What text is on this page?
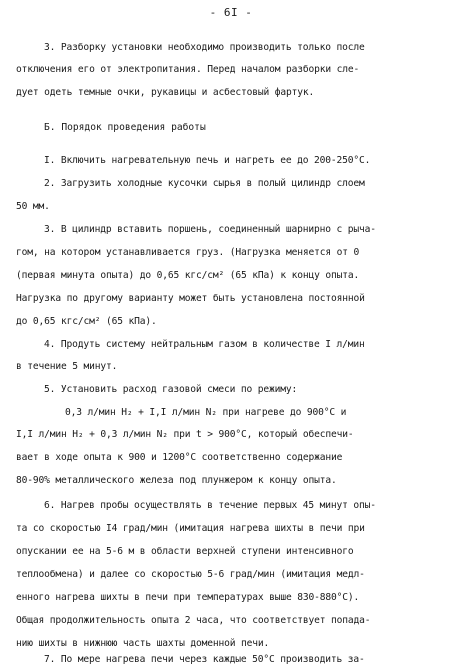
- 6I -
3. Разборку установки необходимо производить только после
отключения его от электропитания. Перед началом разборки сле-
дует одеть темные очки, рукавицы и асбестовый фартук.
Б. Порядок проведения работы
I. Включить нагревательную печь и нагреть ее до 200-250°С.
2. Загрузить холодные кусочки сырья в полый цилиндр слоем
50 мм.
3. В цилиндр вставить поршень, соединенный шарнирно с рыча-
гом, на котором устанавливается груз. (Нагрузка меняется от 0
(первая минута опыта) до 0,65 кгс/см² (65 кПа) к концу опыта.
Нагрузка по другому варианту может быть установлена постоянной
до 0,65 кгс/см² (65 кПа).
4. Продуть систему нейтральным газом в количестве I л/мин
в течение 5 минут.
5. Установить расход газовой смеси по режиму:
0,3 л/мин H₂ + I,I л/мин N₂ при нагреве до 900°С и
I,I л/мин H₂ + 0,3 л/мин N₂ при t > 900°С, который обеспечи-
вает в ходе опыта к 900 и 1200°С соответственно содержание
80-90% металлического железа под плунжером к концу опыта.
6. Нагрев пробы осуществлять в течение первых 45 минут опы-
та со скоростью I4 град/мин (имитация нагрева шихты в печи при
опускании ее на 5-6 м в области верхней ступени интенсивного
теплообмена) и далее со скоростью 5-6 град/мин (имитация медл-
енного нагрева шихты в печи при температурах выше 830-880°С).
Общая продолжительность опыта 2 часа, что соответствует попада-
нию шихты в нижнюю часть шахты доменной печи.
7. По мере нагрева печи через каждые 50°С производить за-
